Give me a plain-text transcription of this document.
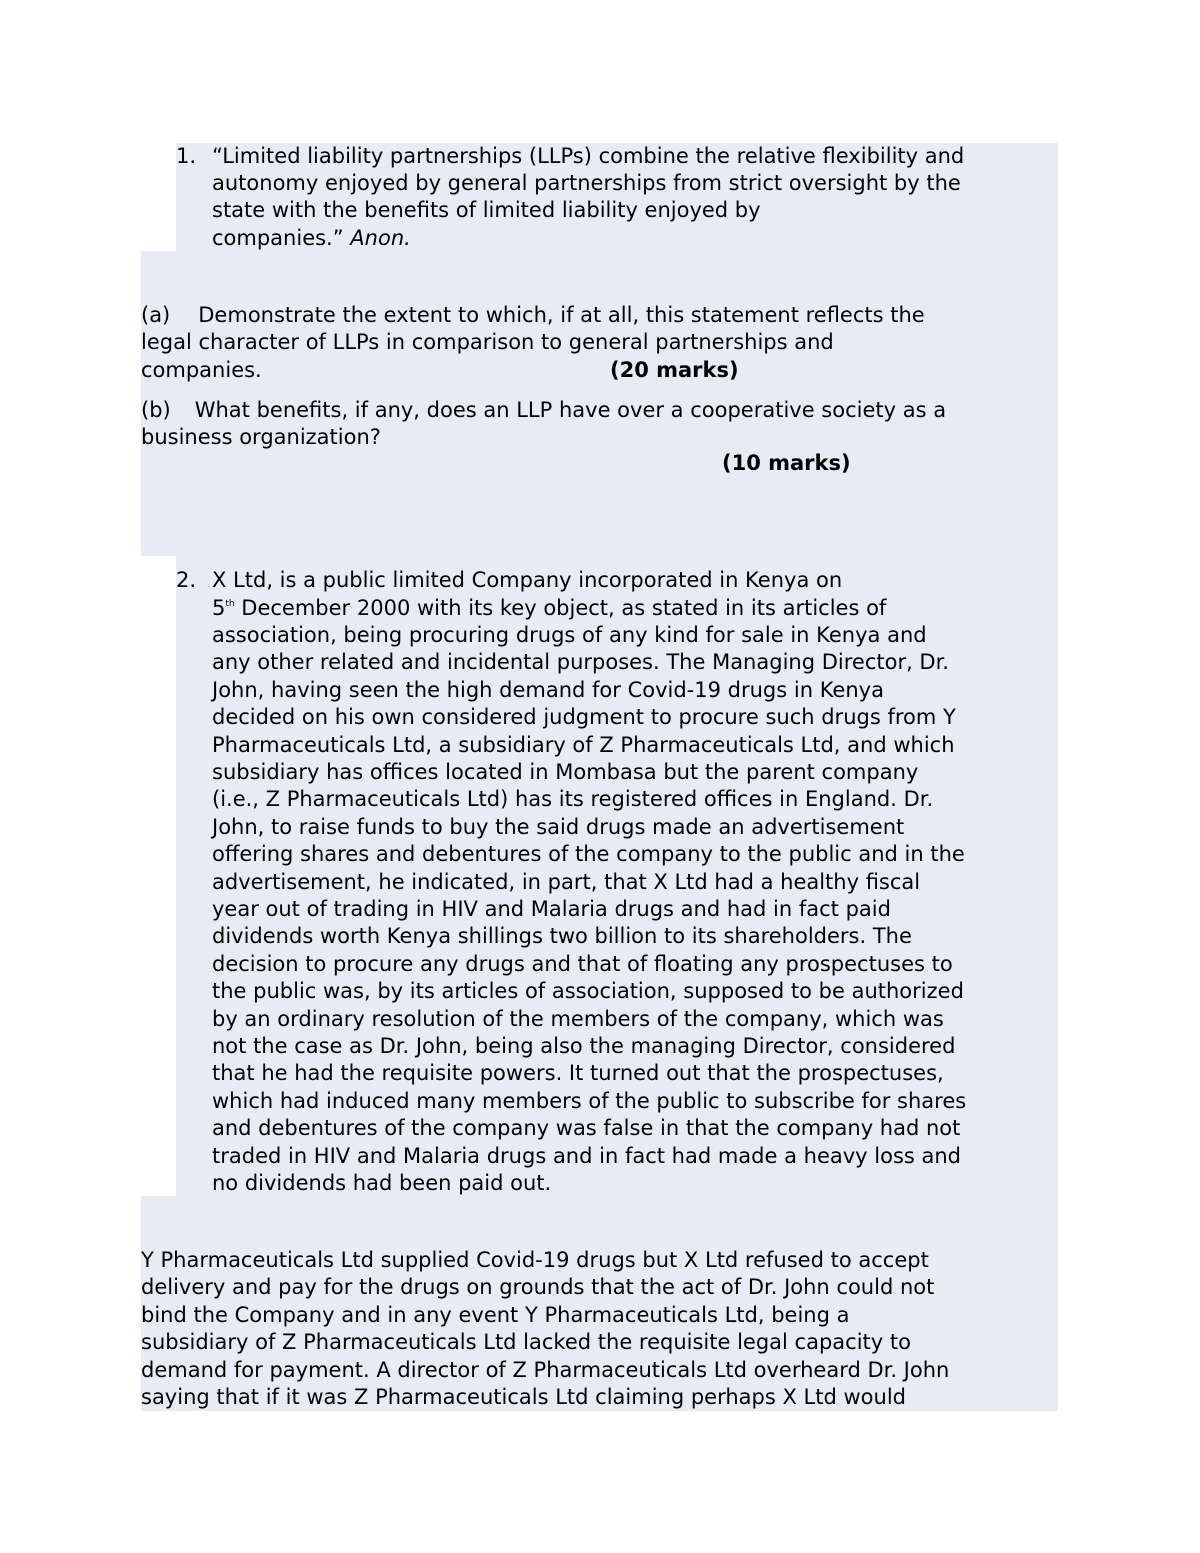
1. “Limited liability partnerships (LLPs) combine the relative flexibility and
autonomy enjoyed by general partnerships from strict oversight by the
state with the benefits of limited liability enjoyed by
companies.” Anon.
(a) Demonstrate the extent to which, if at all, this statement reflects the
legal character of LLPs in comparison to general partnerships and
companies.	(20 marks)
(b) What benefits, if any, does an LLP have over a cooperative society as a
business organization?
(10 marks)
2. X Ltd, is a public limited Company incorporated in Kenya on
5th December 2000 with its key object, as stated in its articles of
association, being procuring drugs of any kind for sale in Kenya and
any other related and incidental purposes. The Managing Director, Dr.
John, having seen the high demand for Covid-19 drugs in Kenya
decided on his own considered judgment to procure such drugs from Y
Pharmaceuticals Ltd, a subsidiary of Z Pharmaceuticals Ltd, and which
subsidiary has offices located in Mombasa but the parent company
(i.e., Z Pharmaceuticals Ltd) has its registered offices in England. Dr.
John, to raise funds to buy the said drugs made an advertisement
offering shares and debentures of the company to the public and in the
advertisement, he indicated, in part, that X Ltd had a healthy fiscal
year out of trading in HIV and Malaria drugs and had in fact paid
dividends worth Kenya shillings two billion to its shareholders. The
decision to procure any drugs and that of floating any prospectuses to
the public was, by its articles of association, supposed to be authorized
by an ordinary resolution of the members of the company, which was
not the case as Dr. John, being also the managing Director, considered
that he had the requisite powers. It turned out that the prospectuses,
which had induced many members of the public to subscribe for shares
and debentures of the company was false in that the company had not
traded in HIV and Malaria drugs and in fact had made a heavy loss and
no dividends had been paid out.
Y Pharmaceuticals Ltd supplied Covid-19 drugs but X Ltd refused to accept
delivery and pay for the drugs on grounds that the act of Dr. John could not
bind the Company and in any event Y Pharmaceuticals Ltd, being a
subsidiary of Z Pharmaceuticals Ltd lacked the requisite legal capacity to
demand for payment. A director of Z Pharmaceuticals Ltd overheard Dr. John
saying that if it was Z Pharmaceuticals Ltd claiming perhaps X Ltd would
